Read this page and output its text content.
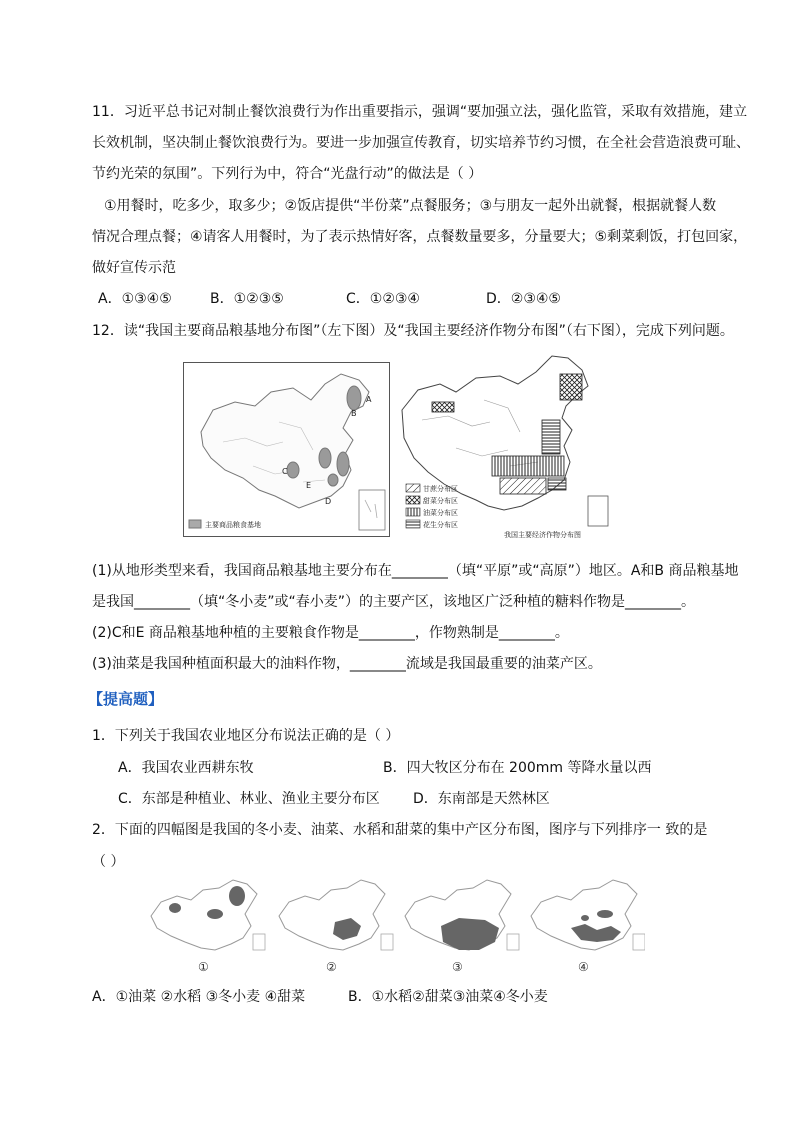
11．习近平总书记对制止餐饮浪费行为作出重要指示，强调“要加强立法，强化监管，采取有效措施，建立
长效机制，坚决制止餐饮浪费行为。要进一步加强宣传教育，切实培养节约习惯，在全社会营造浪费可耻、
节约光荣的氛围”。下列行为中，符合“光盘行动”的做法是（ ）
①用餐时，吃多少，取多少；②饭店提供“半份菜”点餐服务；③与朋友一起外出就餐，根据就餐人数
情况合理点餐；④请客人用餐时，为了表示热情好客，点餐数量要多，分量要大；⑤剩菜剩饭，打包回家，
做好宣传示范
A．①③④⑤	B．①②③⑤	C．①②③④	D．②③④⑤
12．读“我国主要商品粮基地分布图”（左下图）及“我国主要经济作物分布图”（右下图），完成下列问题。
A
B
C
E
D
主要商品粮食基地
甘蔗分布区
甜菜分布区
油菜分布区
花生分布区
我国主要经济作物分布图
(1)从地形类型来看，我国商品粮基地主要分布在________（填“平原”或“高原”）地区。A和B 商品粮基地
是我国________（填“冬小麦”或“春小麦”）的主要产区，该地区广泛种植的糖料作物是________。
(2)C和E 商品粮基地种植的主要粮食作物是________，作物熟制是________。
(3)油菜是我国种植面积最大的油料作物，________流域是我国最重要的油菜产区。
【提高题】
1．下列关于我国农业地区分布说法正确的是（ ）
A．我国农业西耕东牧	B．四大牧区分布在 200mm 等降水量以西
C．东部是种植业、林业、渔业主要分布区 D．东南部是天然林区
2．下面的四幅图是我国的冬小麦、油菜、水稻和甜菜的集中产区分布图，图序与下列排序一 致的是
（ ）
①	②	③	④
A．①油菜 ②水稻 ③冬小麦 ④甜菜	B．①水稻②甜菜③油菜④冬小麦
